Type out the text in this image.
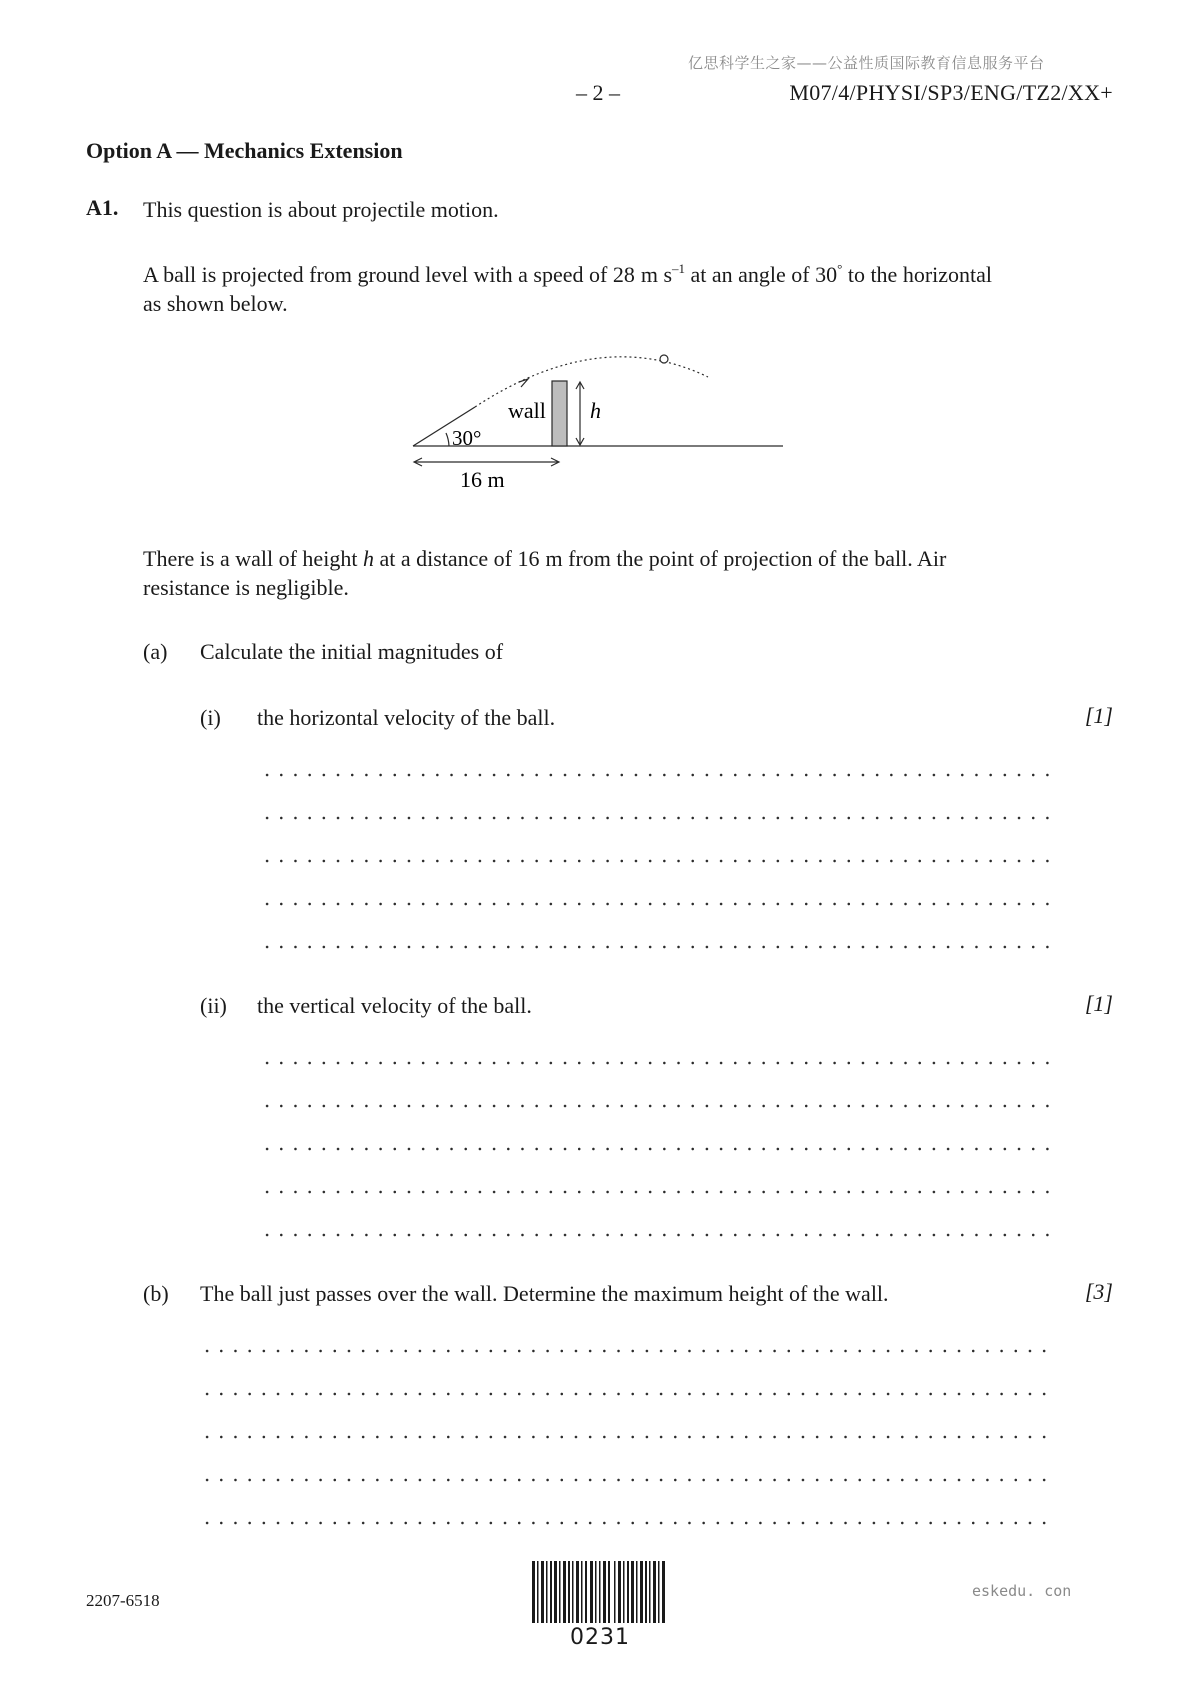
亿思科学生之家——公益性质国际教育信息服务平台
– 2 –	M07/4/PHYSI/SP3/ENG/TZ2/XX+
Option A — Mechanics Extension
A1. This question is about projectile motion.
A ball is projected from ground level with a speed of 28 m $s^{-1}$ at an angle of 30° to the horizontal
as shown below.
wall h
30°
16 m
There is a wall of height h at a distance of 16 m from the point of projection of the ball. Air
resistance is negligible.
(a) Calculate the initial magnitudes of
(i) the horizontal velocity of the ball.	[1]
(ii) the vertical velocity of the ball.	[1]
(b) The ball just passes over the wall. Determine the maximum height of the wall.	[3]
2207-6518	eskedu. con
0231
